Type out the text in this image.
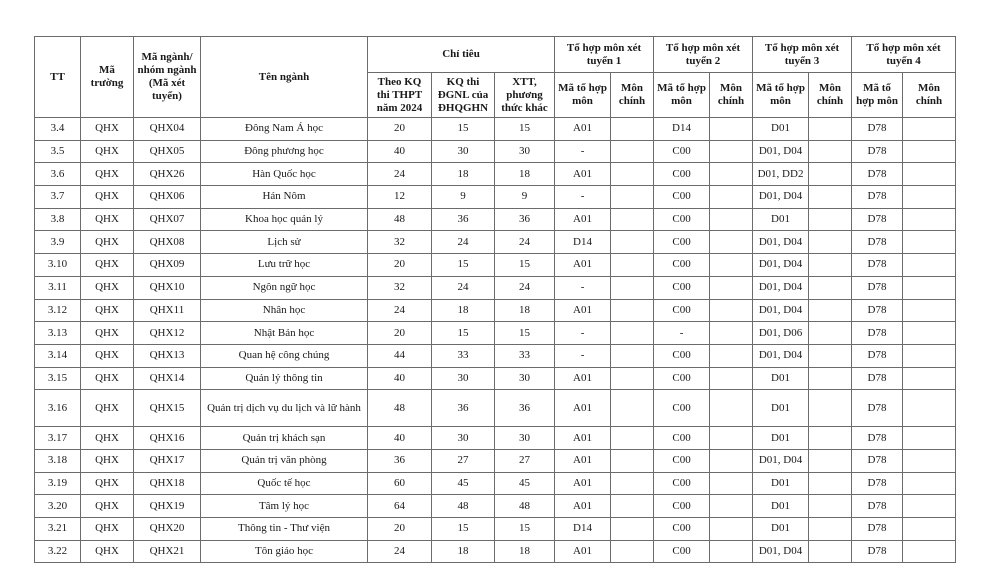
TT	Mã trường	Mã ngành/ nhóm ngành (Mã xét tuyển)	Tên ngành	Chỉ tiêu			Tổ hợp môn xét tuyển 1		Tổ hợp môn xét tuyển 2		Tổ hợp môn xét tuyển 3		Tổ hợp môn xét tuyển 4	
				Theo KQ thi THPT năm 2024	KQ thi ĐGNL của ĐHQGHN	XTT, phương thức khác	Mã tổ hợp môn	Môn chính	Mã tổ hợp môn	Môn chính	Mã tổ hợp môn	Môn chính	Mã tổ hợp môn	Môn chính
3.4	QHX	QHX04	Đông Nam Á học	20	15	15	A01		D14		D01		D78	
3.5	QHX	QHX05	Đông phương học	40	30	30	-		C00		D01, D04		D78	
3.6	QHX	QHX26	Hàn Quốc học	24	18	18	A01		C00		D01, DD2		D78	
3.7	QHX	QHX06	Hán Nôm	12	9	9	-		C00		D01, D04		D78	
3.8	QHX	QHX07	Khoa học quản lý	48	36	36	A01		C00		D01		D78	
3.9	QHX	QHX08	Lịch sử	32	24	24	D14		C00		D01, D04		D78	
3.10	QHX	QHX09	Lưu trữ học	20	15	15	A01		C00		D01, D04		D78	
3.11	QHX	QHX10	Ngôn ngữ học	32	24	24	-		C00		D01, D04		D78	
3.12	QHX	QHX11	Nhân học	24	18	18	A01		C00		D01, D04		D78	
3.13	QHX	QHX12	Nhật Bản học	20	15	15	-		-		D01, D06		D78	
3.14	QHX	QHX13	Quan hệ công chúng	44	33	33	-		C00		D01, D04		D78	
3.15	QHX	QHX14	Quản lý thông tin	40	30	30	A01		C00		D01		D78	
3.16	QHX	QHX15	Quản trị dịch vụ du lịch và lữ hành	48	36	36	A01		C00		D01		D78	
3.17	QHX	QHX16	Quản trị khách sạn	40	30	30	A01		C00		D01		D78	
3.18	QHX	QHX17	Quản trị văn phòng	36	27	27	A01		C00		D01, D04		D78	
3.19	QHX	QHX18	Quốc tế học	60	45	45	A01		C00		D01		D78	
3.20	QHX	QHX19	Tâm lý học	64	48	48	A01		C00		D01		D78	
3.21	QHX	QHX20	Thông tin - Thư viện	20	15	15	D14		C00		D01		D78	
3.22	QHX	QHX21	Tôn giáo học	24	18	18	A01		C00		D01, D04		D78	
